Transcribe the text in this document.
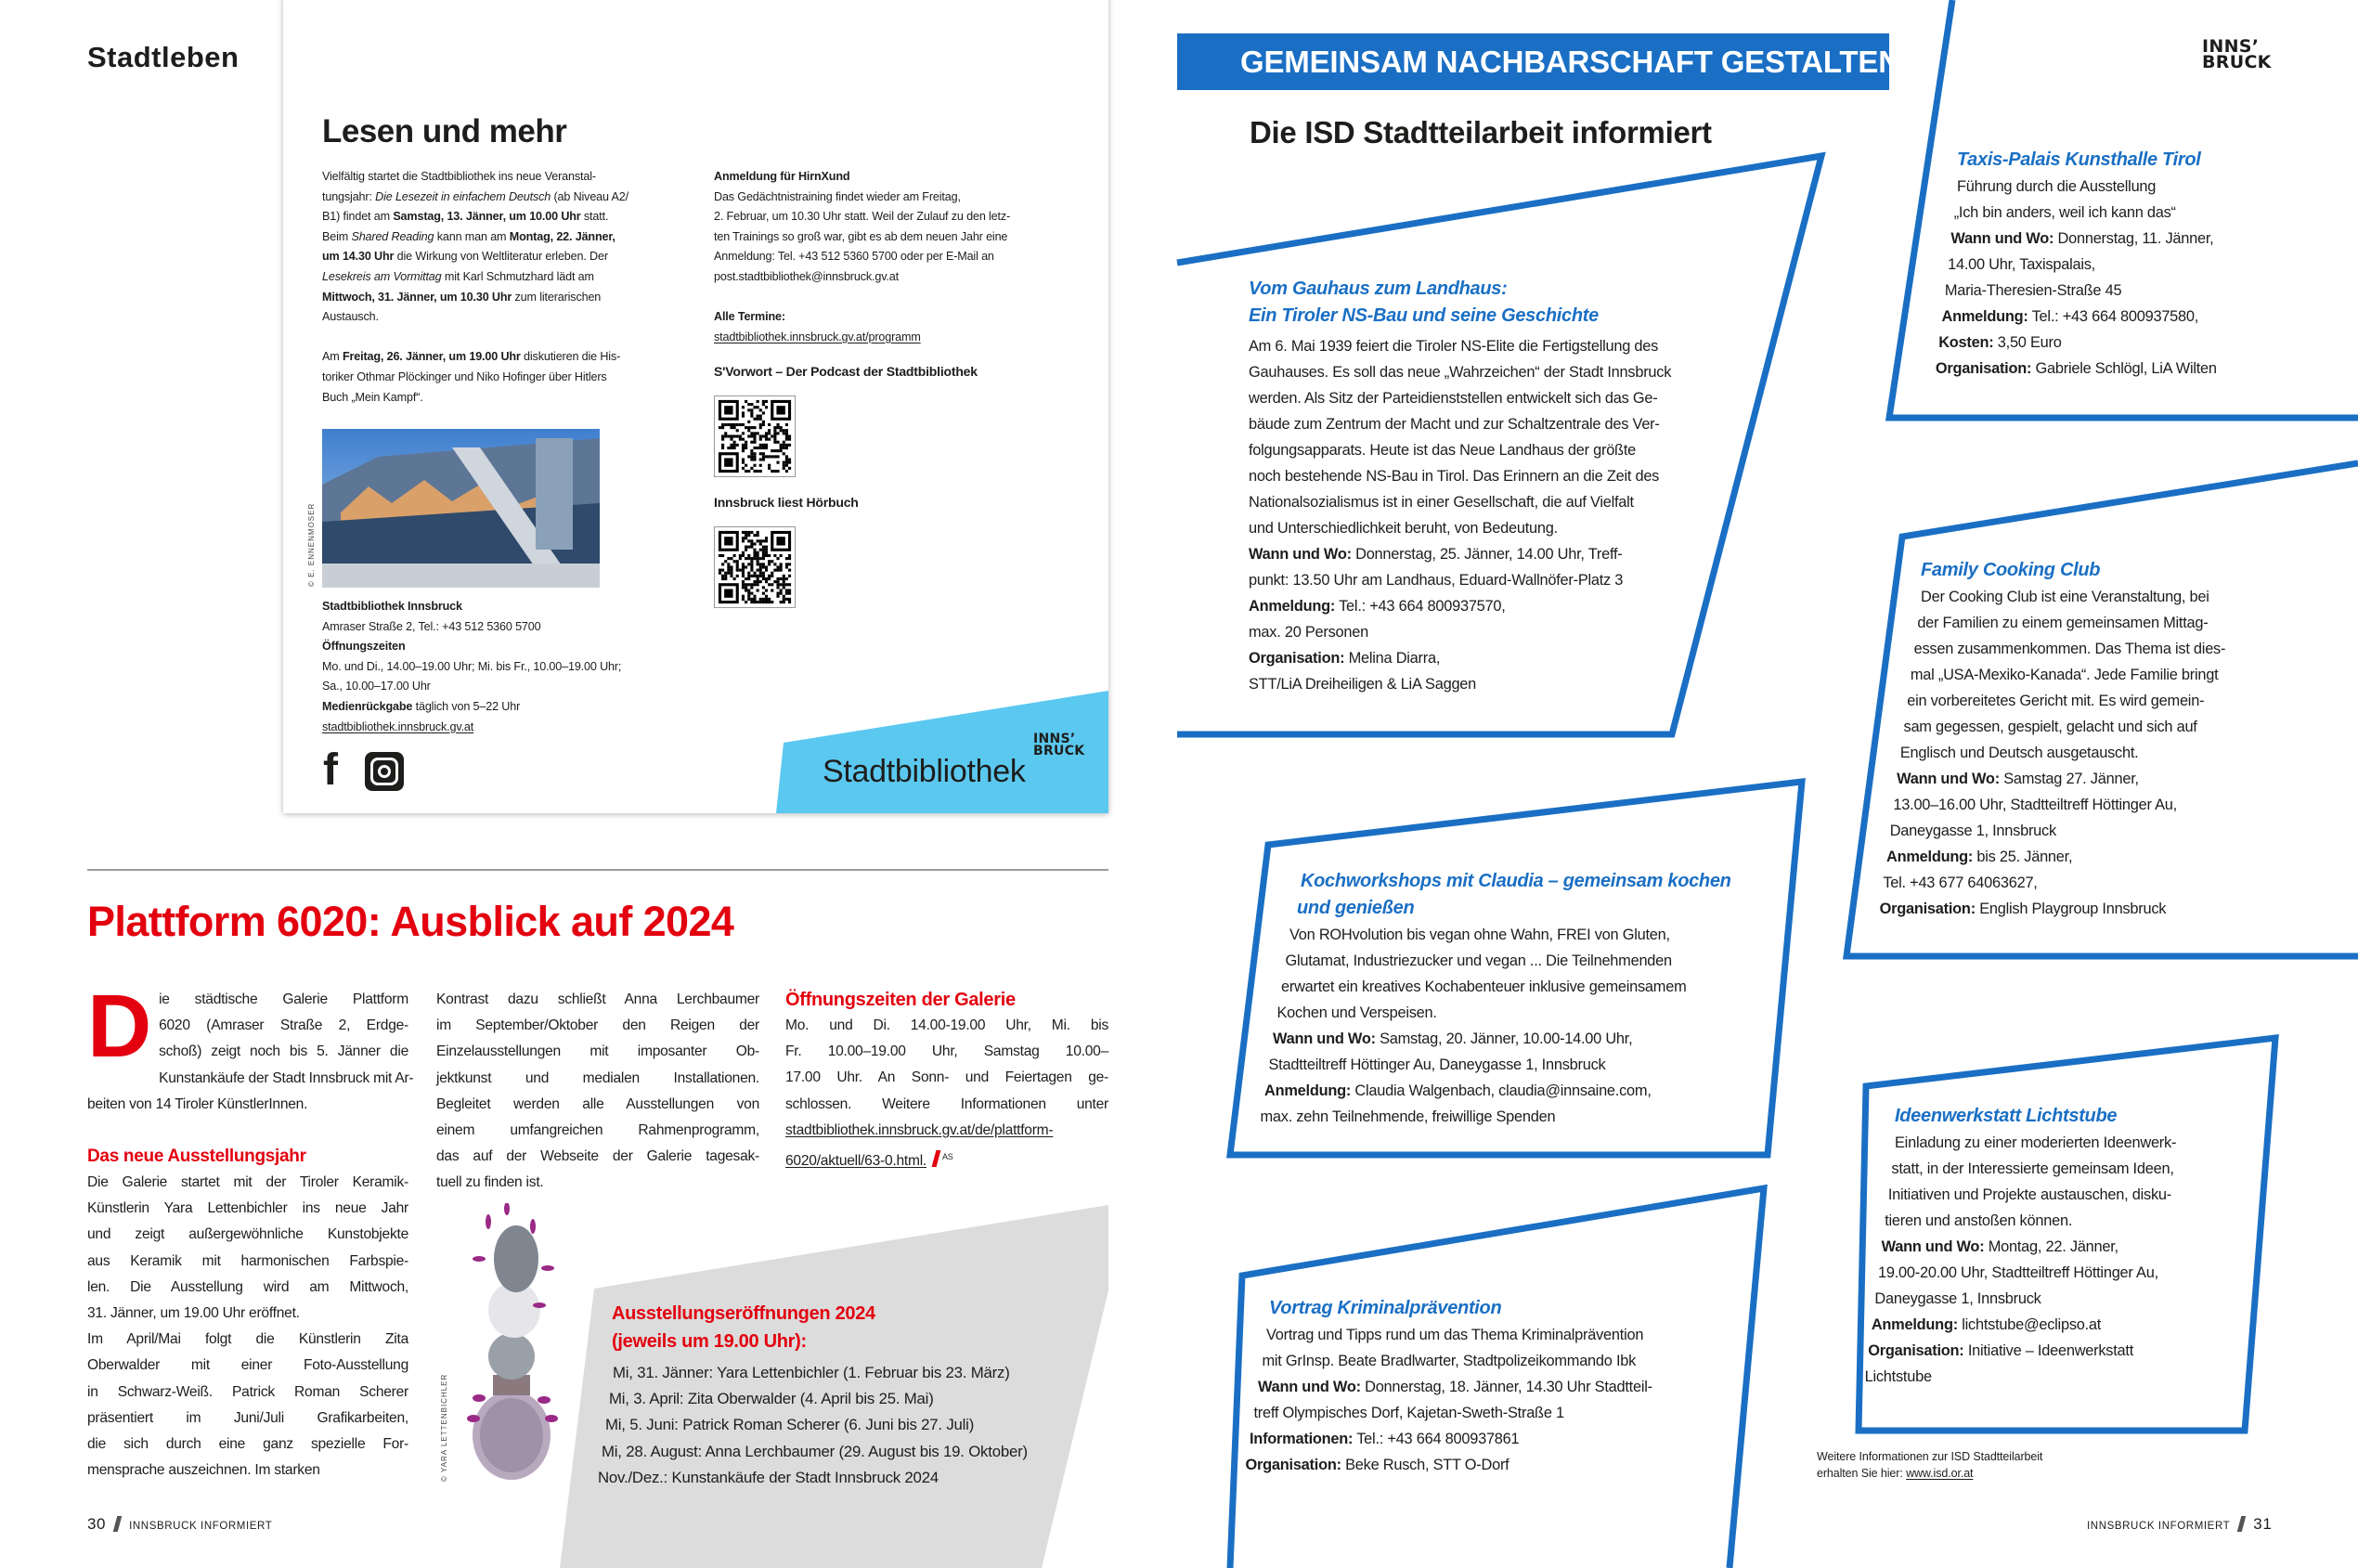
Stadtleben
Lesen und mehr
Vielfältig startet die Stadtbibliothek ins neue Veranstal-
tungsjahr: Die Lesezeit in einfachem Deutsch (ab Niveau A2/
B1) findet am Samstag, 13. Jänner, um 10.00 Uhr statt.
Beim Shared Reading kann man am Montag, 22. Jänner,
um 14.30 Uhr die Wirkung von Weltliteratur erleben. Der
Lesekreis am Vormittag mit Karl Schmutzhard lädt am
Mittwoch, 31. Jänner, um 10.30 Uhr zum literarischen
Austausch.
Am Freitag, 26. Jänner, um 19.00 Uhr diskutieren die His-
toriker Othmar Plöckinger und Niko Hofinger über Hitlers
Buch „Mein Kampf“.
Anmeldung für HirnXund
Das Gedächtnistraining findet wieder am Freitag,
2. Februar, um 10.30 Uhr statt. Weil der Zulauf zu den letz-
ten Trainings so groß war, gibt es ab dem neuen Jahr eine
Anmeldung: Tel. +43 512 5360 5700 oder per E-Mail an
post.stadtbibliothek@innsbruck.gv.at
Alle Termine:
stadtbibliothek.innsbruck.gv.at/programm
S'Vorwort – Der Podcast der Stadtbibliothek
Innsbruck liest Hörbuch
© E. ENNENMOSER
Stadtbibliothek Innsbruck
Amraser Straße 2, Tel.: +43 512 5360 5700
Öffnungszeiten
Mo. und Di., 14.00–19.00 Uhr; Mi. bis Fr., 10.00–19.00 Uhr;
Sa., 10.00–17.00 Uhr
Medienrückgabe täglich von 5–22 Uhr
stadtbibliothek.innsbruck.gv.at
f	Stadtbibliothek
INNS’
BRUCK
Plattform 6020: Ausblick auf 2024
D ie städtische Galerie Plattform
6020 (Amraser Straße 2, Erdge-
schoß) zeigt noch bis 5. Jänner die
Kunstankäufe der Stadt Innsbruck mit Ar-
beiten von 14 Tiroler KünstlerInnen.
Das neue Ausstellungsjahr
Die Galerie startet mit der Tiroler Keramik-
Künstlerin Yara Lettenbichler ins neue Jahr
und zeigt außergewöhnliche Kunstobjekte
aus Keramik mit harmonischen Farbspie-
len. Die Ausstellung wird am Mittwoch,
31. Jänner, um 19.00 Uhr eröffnet.
Im April/Mai folgt die Künstlerin Zita
Oberwalder mit einer Foto-Ausstellung
in Schwarz-Weiß. Patrick Roman Scherer
präsentiert im Juni/Juli Grafikarbeiten,
die sich durch eine ganz spezielle For-
mensprache auszeichnen. Im starken
Kontrast dazu schließt Anna Lerchbaumer
im September/Oktober den Reigen der
Einzelausstellungen mit imposanter Ob-
jektkunst und medialen Installationen.
Begleitet werden alle Ausstellungen von
einem umfangreichen Rahmenprogramm,
das auf der Webseite der Galerie tagesak-
tuell zu finden ist.
Öffnungszeiten der Galerie
Mo. und Di. 14.00-19.00 Uhr, Mi. bis
Fr. 10.00–19.00 Uhr, Samstag 10.00–
17.00 Uhr. An Sonn- und Feiertagen ge-
schlossen. Weitere Informationen unter
stadtbibliothek.innsbruck.gv.at/de/plattform-
6020/aktuell/63-0.html. $^{AS}$
© YARA LETTENBICHLER
Ausstellungseröffnungen 2024
(jeweils um 19.00 Uhr):
Mi, 31. Jänner: Yara Lettenbichler (1. Februar bis 23. März)
Mi, 3. April: Zita Oberwalder (4. April bis 25. Mai)
Mi, 5. Juni: Patrick Roman Scherer (6. Juni bis 27. Juli)
Mi, 28. August: Anna Lerchbaumer (29. August bis 19. Oktober)
Nov./Dez.: Kunstankäufe der Stadt Innsbruck 2024
30 INNSBRUCK INFORMIERT
GEMEINSAM NACHBARSCHAFT GESTALTEN
Die ISD Stadtteilarbeit informiert
INNS’
BRUCK
Vom Gauhaus zum Landhaus:
Ein Tiroler NS-Bau und seine Geschichte
Am 6. Mai 1939 feiert die Tiroler NS-Elite die Fertigstellung des
Gauhauses. Es soll das neue „Wahrzeichen“ der Stadt Innsbruck
werden. Als Sitz der Parteidienststellen entwickelt sich das Ge-
bäude zum Zentrum der Macht und zur Schaltzentrale des Ver-
folgungsapparats. Heute ist das Neue Landhaus der größte
noch bestehende NS-Bau in Tirol. Das Erinnern an die Zeit des
Nationalsozialismus ist in einer Gesellschaft, die auf Vielfalt
und Unterschiedlichkeit beruht, von Bedeutung.
Wann und Wo: Donnerstag, 25. Jänner, 14.00 Uhr, Treff-
punkt: 13.50 Uhr am Landhaus, Eduard-Wallnöfer-Platz 3
Anmeldung: Tel.: +43 664 800937570,
max. 20 Personen
Organisation: Melina Diarra,
STT/LiA Dreiheiligen & LiA Saggen
Taxis-Palais Kunsthalle Tirol
Führung durch die Ausstellung
„Ich bin anders, weil ich kann das“
Wann und Wo: Donnerstag, 11. Jänner,
14.00 Uhr, Taxispalais,
Maria-Theresien-Straße 45
Anmeldung: Tel.: +43 664 800937580,
Kosten: 3,50 Euro
Organisation: Gabriele Schlögl, LiA Wilten
Family Cooking Club
Der Cooking Club ist eine Veranstaltung, bei
der Familien zu einem gemeinsamen Mittag-
essen zusammenkommen. Das Thema ist dies-
mal „USA-Mexiko-Kanada“. Jede Familie bringt
ein vorbereitetes Gericht mit. Es wird gemein-
sam gegessen, gespielt, gelacht und sich auf
Englisch und Deutsch ausgetauscht.
Wann und Wo: Samstag 27. Jänner,
13.00–16.00 Uhr, Stadtteiltreff Höttinger Au,
Daneygasse 1, Innsbruck
Anmeldung: bis 25. Jänner,
Tel. +43 677 64063627,
Organisation: English Playgroup Innsbruck
Kochworkshops mit Claudia – gemeinsam kochen
und genießen
Von ROHvolution bis vegan ohne Wahn, FREI von Gluten,
Glutamat, Industriezucker und vegan ... Die Teilnehmenden
erwartet ein kreatives Kochabenteuer inklusive gemeinsamem
Kochen und Verspeisen.
Wann und Wo: Samstag, 20. Jänner, 10.00-14.00 Uhr,
Stadtteiltreff Höttinger Au, Daneygasse 1, Innsbruck
Anmeldung: Claudia Walgenbach, claudia@innsaine.com,
max. zehn Teilnehmende, freiwillige Spenden	Ideenwerkstatt Lichtstube
Einladung zu einer moderierten Ideenwerk-
statt, in der Interessierte gemeinsam Ideen,
Initiativen und Projekte austauschen, disku-
tieren und anstoßen können.
Wann und Wo: Montag, 22. Jänner,
19.00-20.00 Uhr, Stadtteiltreff Höttinger Au,
Daneygasse 1, Innsbruck
Anmeldung: lichtstube@eclipso.at
Organisation: Initiative – Ideenwerkstatt
Lichtstube
Vortrag Kriminalprävention
Vortrag und Tipps rund um das Thema Kriminalprävention
mit GrInsp. Beate Bradlwarter, Stadtpolizeikommando Ibk
Wann und Wo: Donnerstag, 18. Jänner, 14.30 Uhr Stadtteil-
treff Olympisches Dorf, Kajetan-Sweth-Straße 1
Informationen: Tel.: +43 664 800937861
Organisation: Beke Rusch, STT O-Dorf	Weitere Informationen zur ISD Stadtteilarbeit
erhalten Sie hier: www.isd.or.at
INNSBRUCK INFORMIERT 31
